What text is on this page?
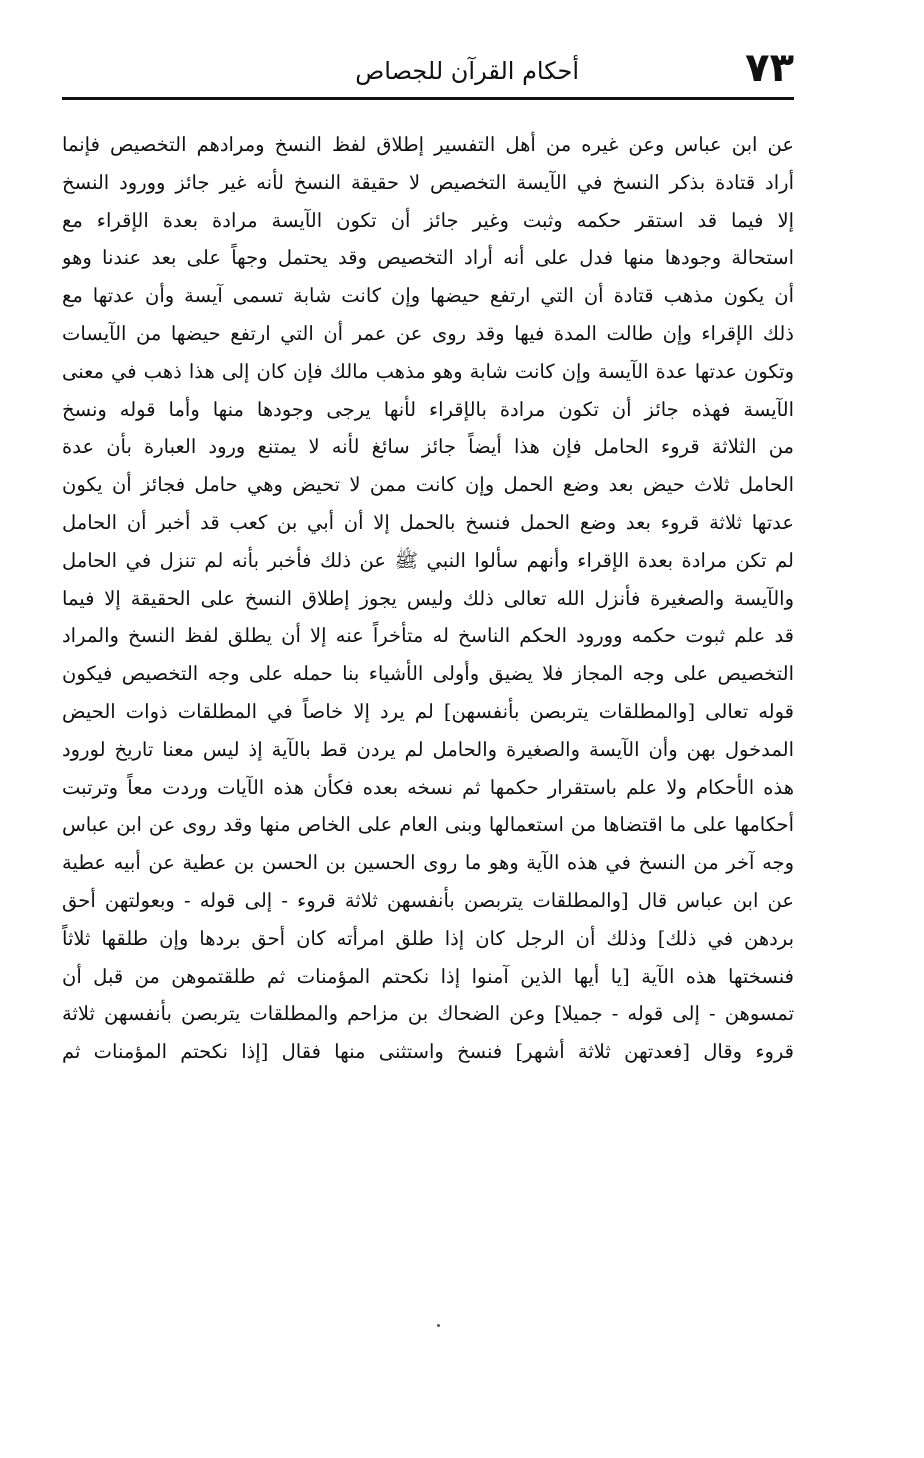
٧٣
أحكام القرآن للجصاص
عن ابن عباس وعن غيره من أهل التفسير إطلاق لفظ النسخ ومرادهم التخصيص فإنما
أراد قتادة بذكر النسخ في الآيسة التخصيص لا حقيقة النسخ لأنه غير جائز وورود النسخ
إلا فيما قد استقر حكمه وثبت وغير جائز أن تكون الآيسة مرادة بعدة الإقراء مع
استحالة وجودها منها فدل على أنه أراد التخصيص وقد يحتمل وجهاً على بعد عندنا وهو
أن يكون مذهب قتادة أن التي ارتفع حيضها وإن كانت شابة تسمى آيسة وأن عدتها مع
ذلك الإقراء وإن طالت المدة فيها وقد روى عن عمر أن التي ارتفع حيضها من الآيسات
وتكون عدتها عدة الآيسة وإن كانت شابة وهو مذهب مالك فإن كان إلى هذا ذهب في معنى
الآيسة فهذه جائز أن تكون مرادة بالإقراء لأنها يرجى وجودها منها وأما قوله ونسخ
من الثلاثة قروء الحامل فإن هذا أيضاً جائز سائغ لأنه لا يمتنع ورود العبارة بأن عدة
الحامل ثلاث حيض بعد وضع الحمل وإن كانت ممن لا تحيض وهي حامل فجائز أن يكون
عدتها ثلاثة قروء بعد وضع الحمل فنسخ بالحمل إلا أن أبي بن كعب قد أخبر أن الحامل
لم تكن مرادة بعدة الإقراء وأنهم سألوا النبي ﷺ عن ذلك فأخبر بأنه لم تنزل في الحامل
والآيسة والصغيرة فأنزل الله تعالى ذلك وليس يجوز إطلاق النسخ على الحقيقة إلا فيما
قد علم ثبوت حكمه وورود الحكم الناسخ له متأخراً عنه إلا أن يطلق لفظ النسخ والمراد
التخصيص على وجه المجاز فلا يضيق وأولى الأشياء بنا حمله على وجه التخصيص فيكون
قوله تعالى [والمطلقات يتربصن بأنفسهن] لم يرد إلا خاصاً في المطلقات ذوات الحيض
المدخول بهن وأن الآيسة والصغيرة والحامل لم يردن قط بالآية إذ ليس معنا تاريخ لورود
هذه الأحكام ولا علم باستقرار حكمها ثم نسخه بعده فكأن هذه الآيات وردت معاً وترتبت
أحكامها على ما اقتضاها من استعمالها وبنى العام على الخاص منها وقد روى عن ابن عباس
وجه آخر من النسخ في هذه الآية وهو ما روى الحسين بن الحسن بن عطية عن أبيه عطية
عن ابن عباس قال [والمطلقات يتربصن بأنفسهن ثلاثة قروء - إلى قوله - وبعولتهن أحق
بردهن في ذلك] وذلك أن الرجل كان إذا طلق امرأته كان أحق بردها وإن طلقها ثلاثاً
فنسختها هذه الآية [يا أيها الذين آمنوا إذا نكحتم المؤمنات ثم طلقتموهن من قبل أن
تمسوهن - إلى قوله - جميلا] وعن الضحاك بن مزاحم والمطلقات يتربصن بأنفسهن ثلاثة
قروء وقال [فعدتهن ثلاثة أشهر] فنسخ واستثنى منها فقال [إذا نكحتم المؤمنات ثم
